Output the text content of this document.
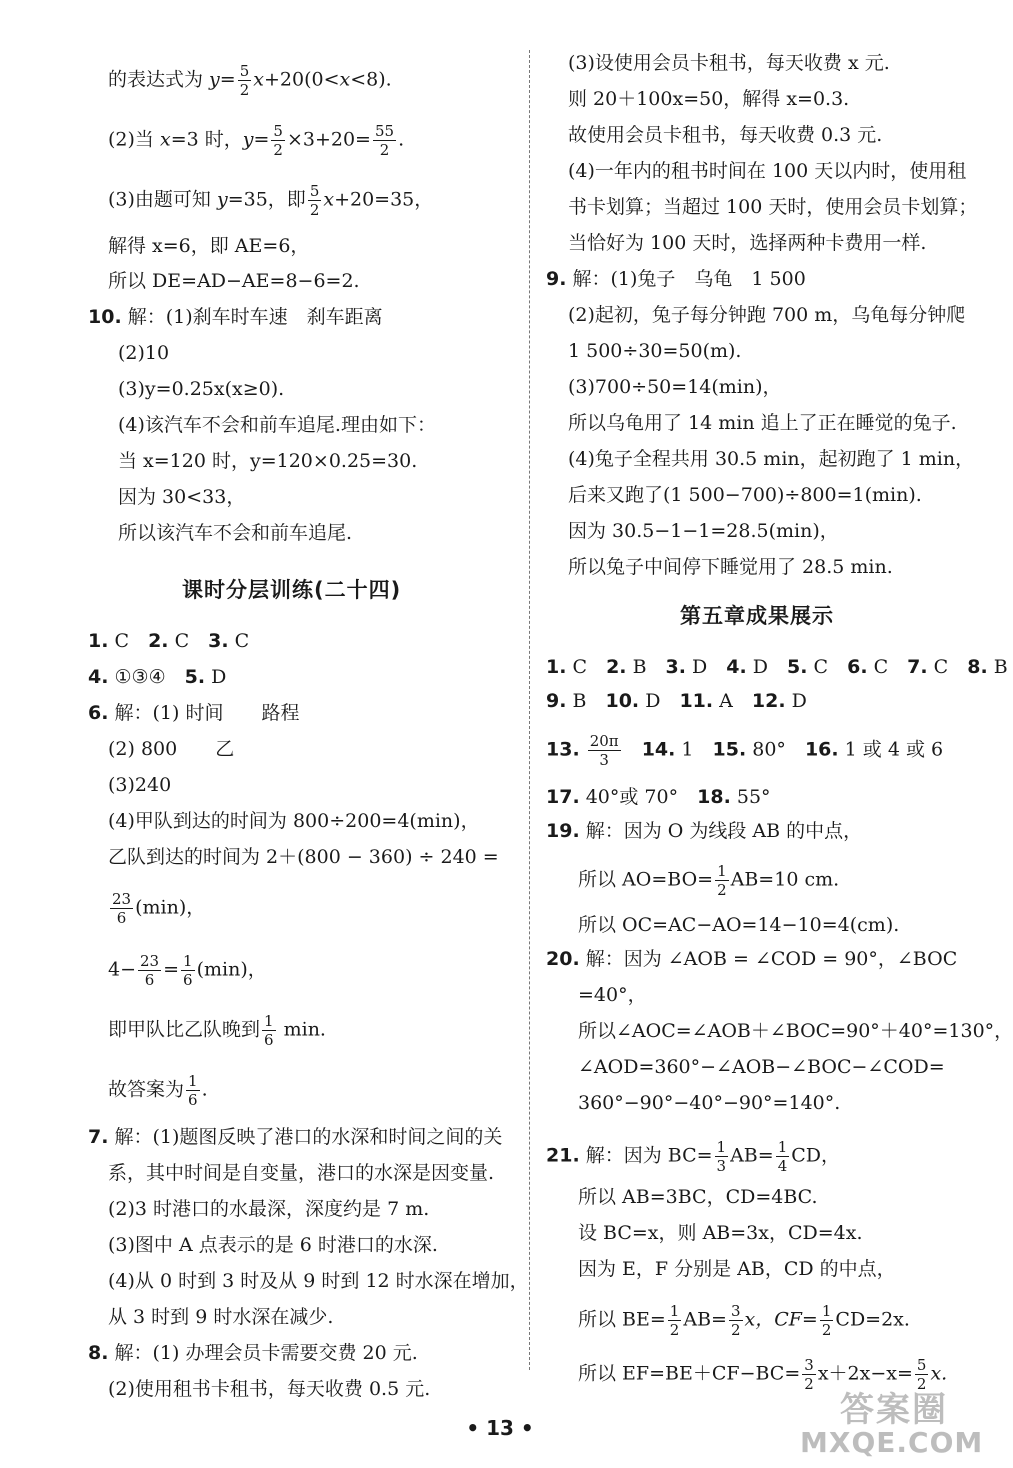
的表达式为 $y= \frac{5}{2} x+20(0<x<8)$.
(2)当 x=3 时，$y= \frac{5}{2} \times 3+20= \frac{55}{2}$ .
(3)由题可知 y=35，即 $\frac{5}{2} x+20=35$，
解得 x=6，即 AE=6，
所以 DE=AD−AE=8−6=2.
10. 解：(1)刹车时车速　刹车距离
(2)10
(3)y=0.25x(x≥0).
(4)该汽车不会和前车追尾.理由如下：
当 x=120 时，y=120×0.25=30.
因为 30<33，
所以该汽车不会和前车追尾.
课时分层训练(二十四)
1. C　 2. C　 3. C
4. ①③④　 5. D
6. 解：(1) 时间　　路程
(2) 800　　乙
(3)240
(4)甲队到达的时间为 800÷200=4(min)，
乙队到达的时间为 2＋(800 − 360) ÷ 240 =
$\frac{23}{6} (\min)$，
$4- \frac{23}{6} = \frac{1}{6} (\min)$，
即甲队比乙队晚到 $\frac{1}{6} \min$.
故答案为 $\frac{1}{6}$ .
7. 解：(1)题图反映了港口的水深和时间之间的关
系，其中时间是自变量，港口的水深是因变量.
(2)3 时港口的水最深，深度约是 7 m.
(3)图中 A 点表示的是 6 时港口的水深.
(4)从 0 时到 3 时及从 9 时到 12 时水深在增加，
从 3 时到 9 时水深在减少.
8. 解：(1) 办理会员卡需要交费 20 元.
(2)使用租书卡租书，每天收费 0.5 元.
(3)设使用会员卡租书，每天收费 x 元.
则 20＋100x=50，解得 x=0.3.
故使用会员卡租书，每天收费 0.3 元.
(4)一年内的租书时间在 100 天以内时，使用租
书卡划算；当超过 100 天时，使用会员卡划算；
当恰好为 100 天时，选择两种卡费用一样.
9. 解：(1)兔子　乌龟　1 500
(2)起初，兔子每分钟跑 700 m，乌龟每分钟爬
1 500÷30=50(m).
(3)700÷50=14(min)，
所以乌龟用了 14 min 追上了正在睡觉的兔子.
(4)兔子全程共用 30.5 min，起初跑了 1 min，
后来又跑了(1 500−700)÷800=1(min).
因为 30.5−1−1=28.5(min)，
所以兔子中间停下睡觉用了 28.5 min.
第五章成果展示
1. C　 2. B　 3. D　 4. D　 5. C　 6. C　 7. C　 8. B
9. B　 10. D　 11. A　 12. D
13. $\frac{20\pi}{3}$
　 14. 1　 15. 80°　 16. 1 或 4 或 6
17. 40°或 70°　 18. 55°
19. 解：因为 O 为线段 AB 的中点，
所以 $AO=BO= \frac{1}{2} AB=10$ cm.
所以 OC=AC−AO=14−10=4(cm).
20. 解：因为 ∠AOB = ∠COD = 90°，∠BOC
=40°，
所以∠AOC=∠AOB＋∠BOC=90°＋40°=130°，
∠AOD=360°−∠AOB−∠BOC−∠COD=
360°−90°−40°−90°=140°.
21. 解：因为 $BC= \frac{1}{3} AB= \frac{1}{4}$ CD，
所以 AB=3BC，CD=4BC.
设 BC=x，则 AB=3x，CD=4x.
因为 E，F 分别是 AB，CD 的中点，
所以 $BE= \frac{1}{2} AB= \frac{3}{2}$ x，$CF= \frac{1}{2} CD=2x$.
所以 $EF=BE+CF-BC= \frac{3}{2} x+2x-x= \frac{5}{2} x$.
• 13 •	答案圈
MXQE.COM
